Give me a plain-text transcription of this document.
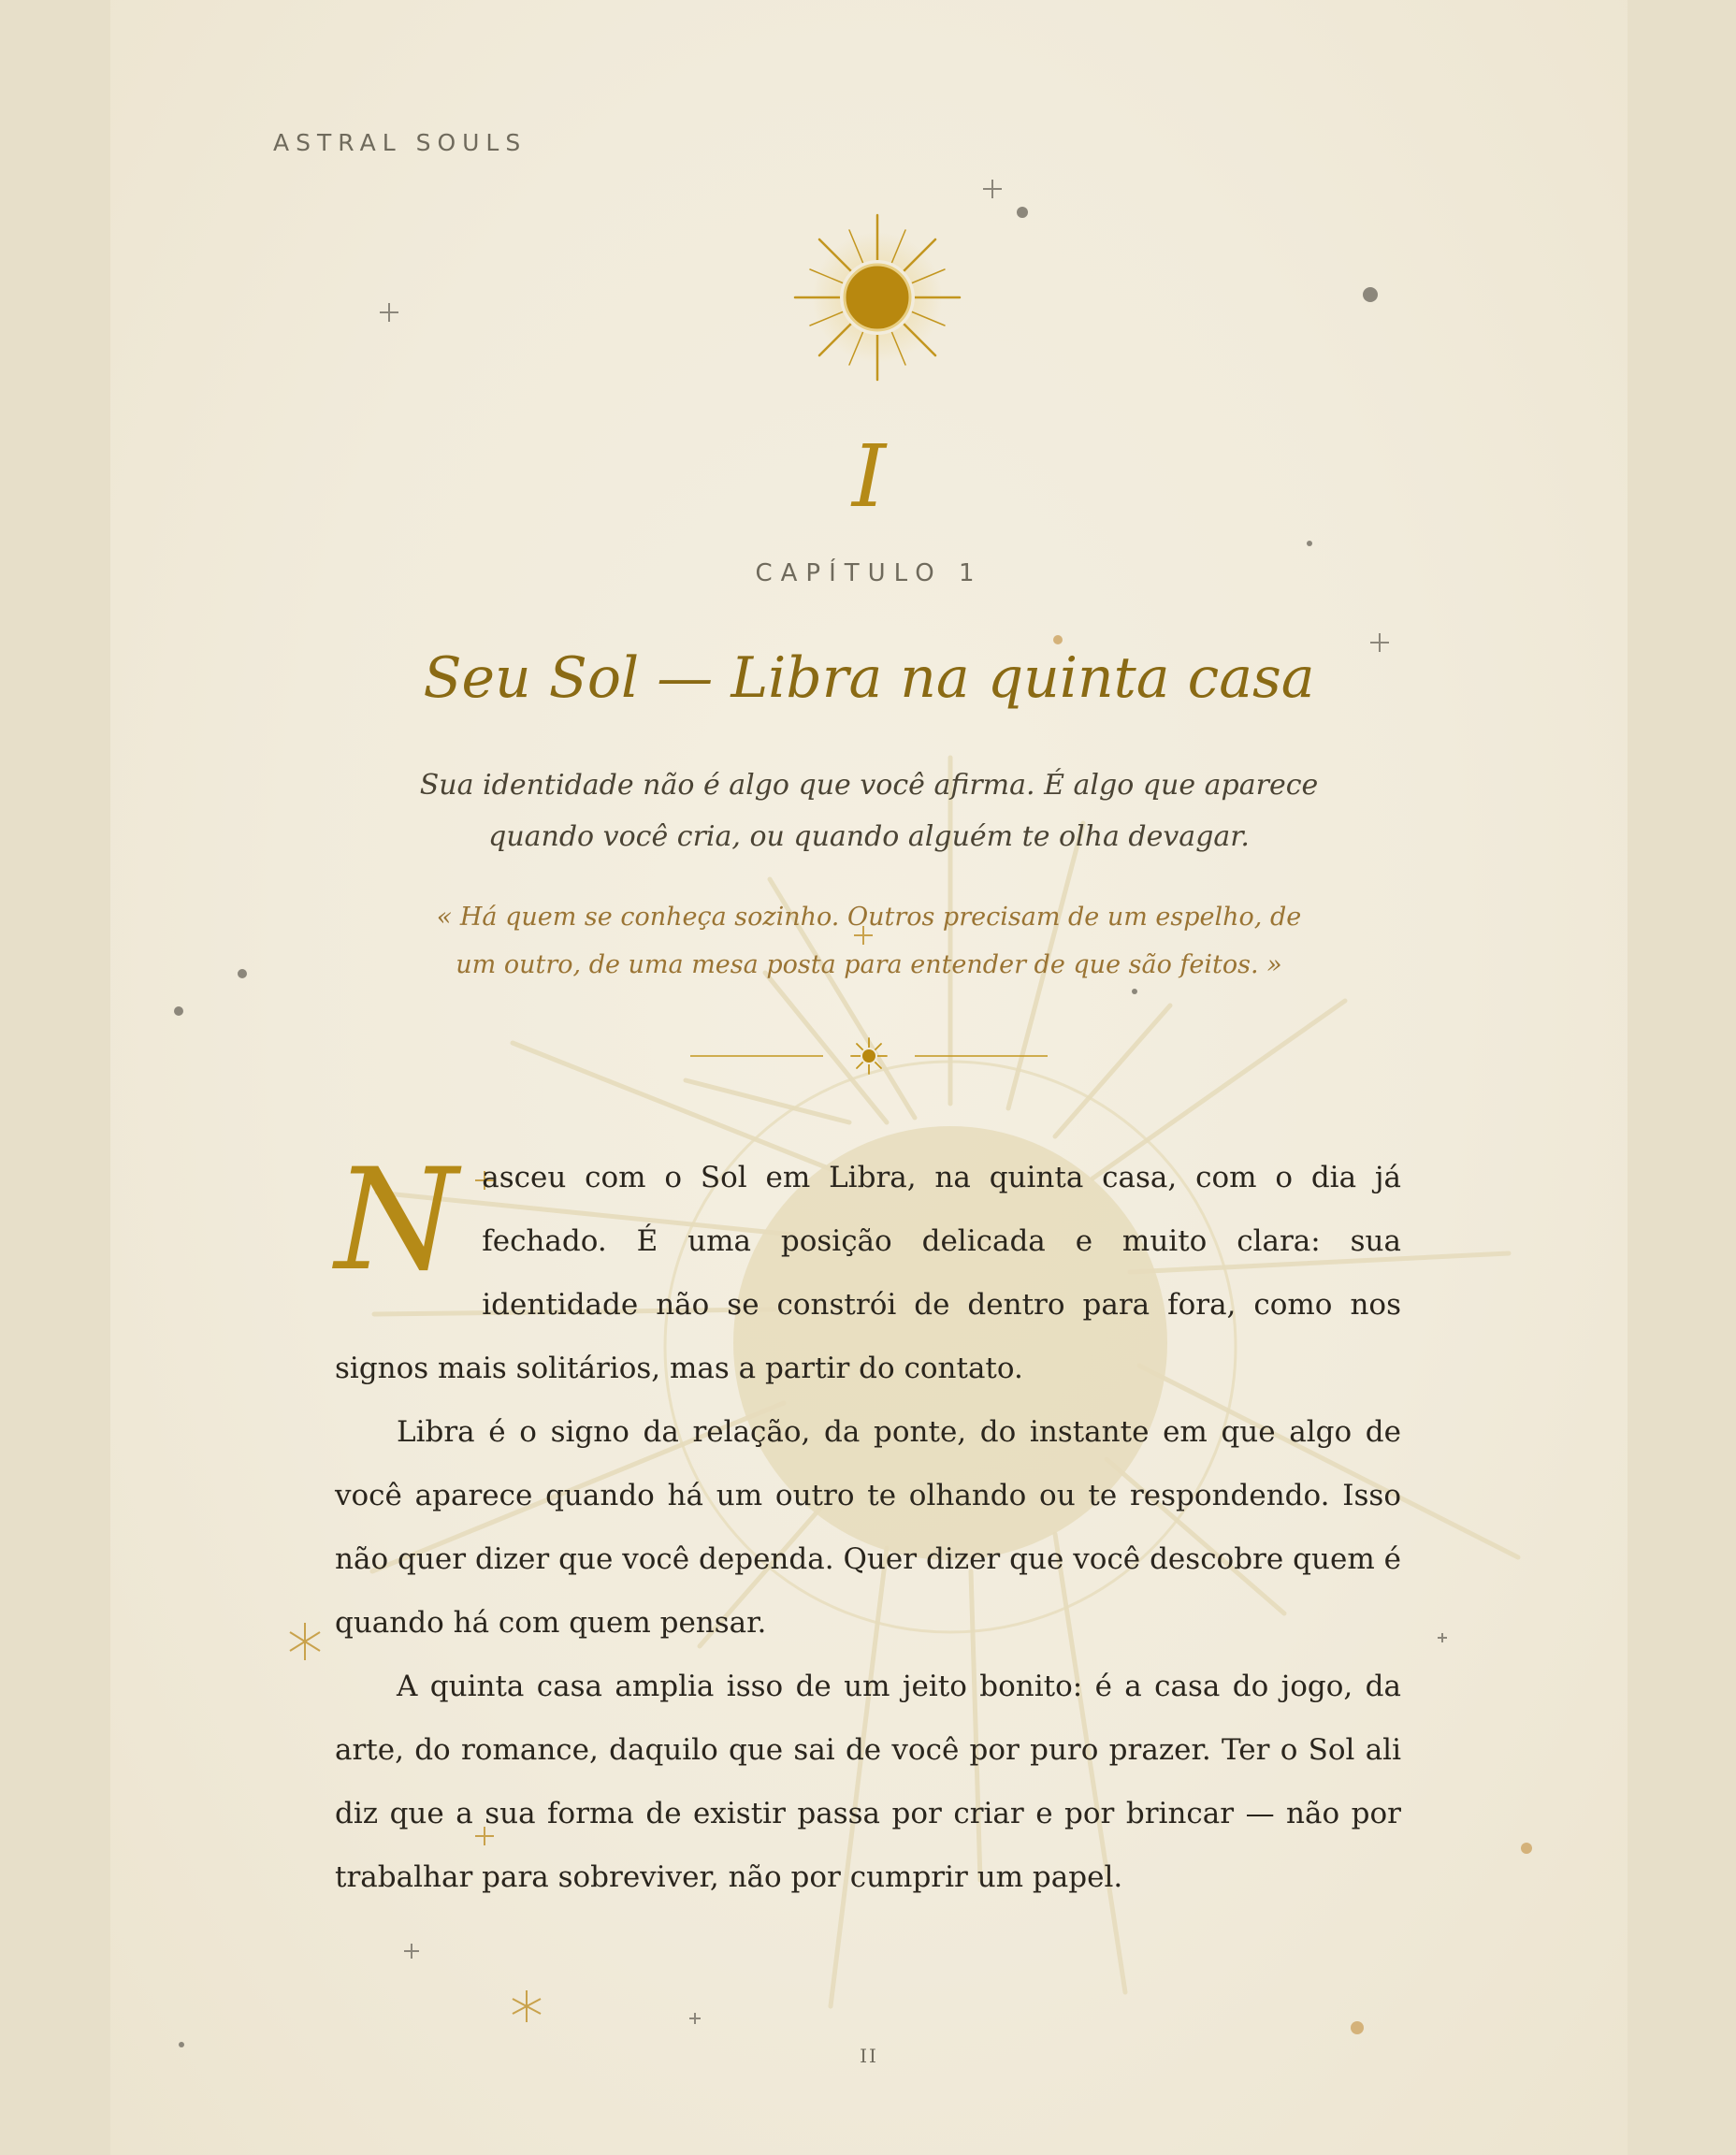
ASTRAL SOULS
I
CAPÍTULO 1
Seu Sol — Libra na quinta casa
Sua identidade não é algo que você afirma. É algo que aparece quando você cria, ou quando alguém te olha devagar.
« Há quem se conheça sozinho. Outros precisam de um espelho, de um outro, de uma mesa posta para entender de que são feitos. »

Nasceu com o Sol em Libra, na quinta casa, com o dia já fechado. É uma posição delicada e muito clara: sua identidade não se constrói de dentro para fora, como nos signos mais solitários, mas a partir do contato.

Libra é o signo da relação, da ponte, do instante em que algo de você aparece quando há um outro te olhando ou te respondendo. Isso não quer dizer que você dependa. Quer dizer que você descobre quem é quando há com quem pensar.

A quinta casa amplia isso de um jeito bonito: é a casa do jogo, da arte, do romance, daquilo que sai de você por puro prazer. Ter o Sol ali diz que a sua forma de existir passa por criar e por brincar — não por trabalhar para sobreviver, não por cumprir um papel.

II
